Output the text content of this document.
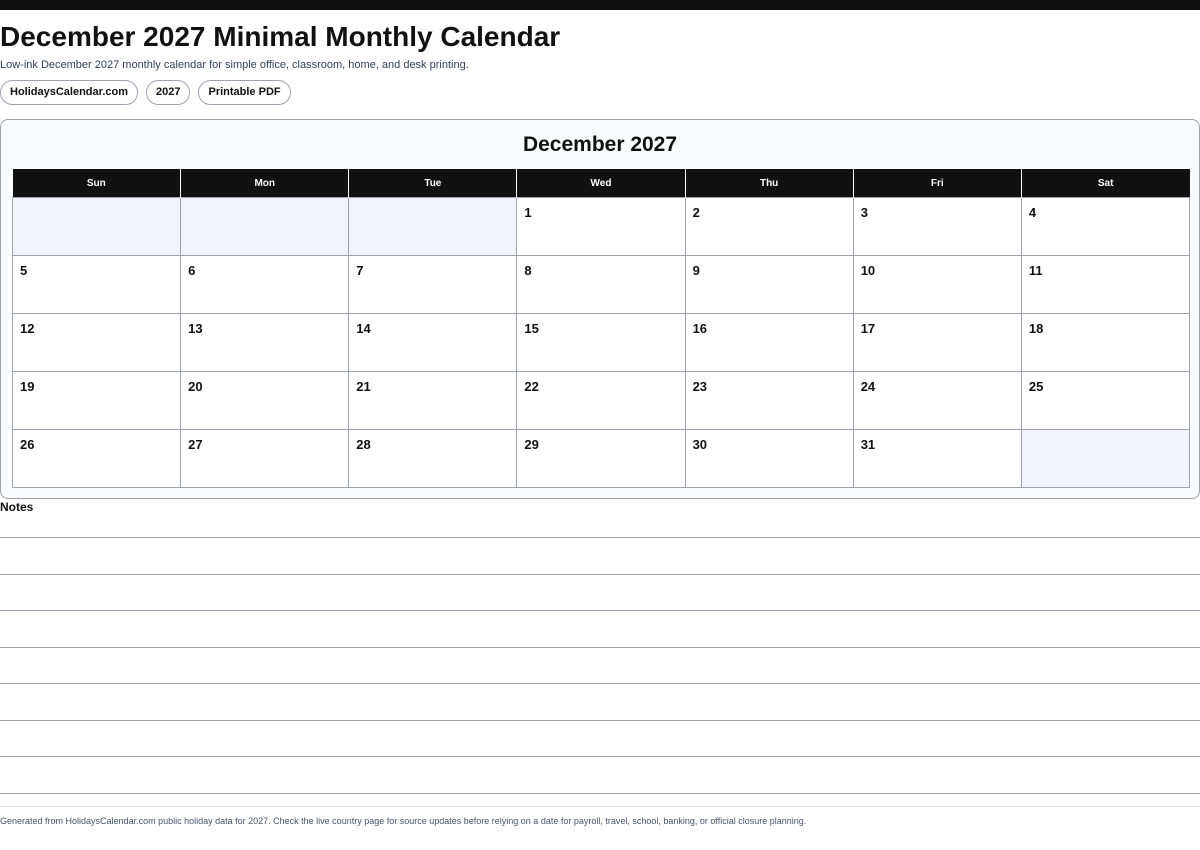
December 2027 Minimal Monthly Calendar

Low-ink December 2027 monthly calendar for simple office, classroom, home, and desk printing.

HolidaysCalendar.com	2027	Printable PDF
December 2027
Sun	Mon	Tue	Wed	Thu	Fri	Sat

			1	2	3	4

5	6	7	8	9	10	11

12	13	14	15	16	17	18

19	20	21	22	23	24	25

26	27	28	29	30	31	

Notes

Generated from HolidaysCalendar.com public holiday data for 2027. Check the live country page for source updates before relying on a date for payroll, travel, school, banking, or official closure planning.
